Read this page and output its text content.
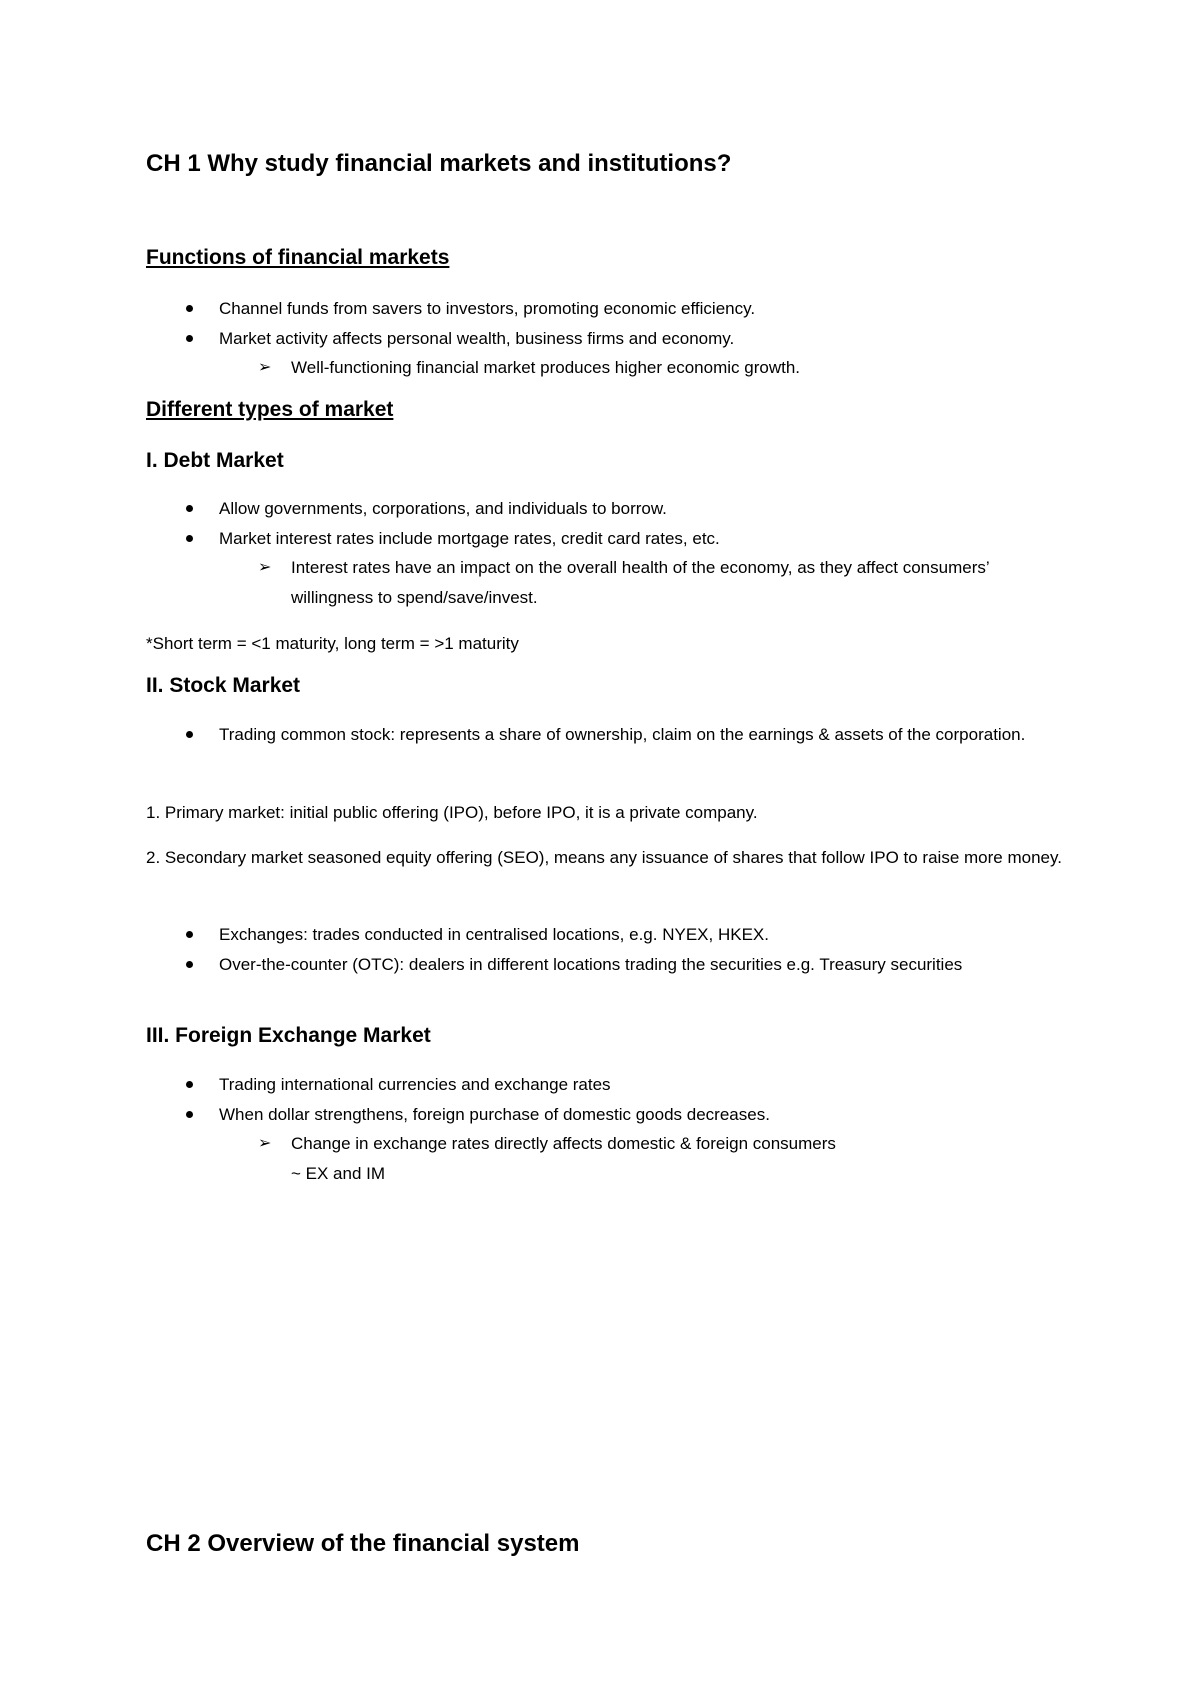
CH 1 Why study financial markets and institutions?
Functions of financial markets
Channel funds from savers to investors, promoting economic efficiency.
Market activity affects personal wealth, business firms and economy.
➢ Well-functioning financial market produces higher economic growth.
Different types of market
I. Debt Market
Allow governments, corporations, and individuals to borrow.
Market interest rates include mortgage rates, credit card rates, etc.
➢ Interest rates have an impact on the overall health of the economy, as they affect consumers’ willingness to spend/save/invest.
*Short term = <1 maturity, long term = >1 maturity
II. Stock Market
Trading common stock: represents a share of ownership, claim on the earnings & assets of the corporation.
1. Primary market: initial public offering (IPO), before IPO, it is a private company.
2. Secondary market seasoned equity offering (SEO), means any issuance of shares that follow IPO to raise more money.
Exchanges: trades conducted in centralised locations, e.g. NYEX, HKEX.
Over-the-counter (OTC): dealers in different locations trading the securities e.g. Treasury securities
III. Foreign Exchange Market
Trading international currencies and exchange rates
When dollar strengthens, foreign purchase of domestic goods decreases.
➢ Change in exchange rates directly affects domestic & foreign consumers
~ EX and IM
CH 2 Overview of the financial system
